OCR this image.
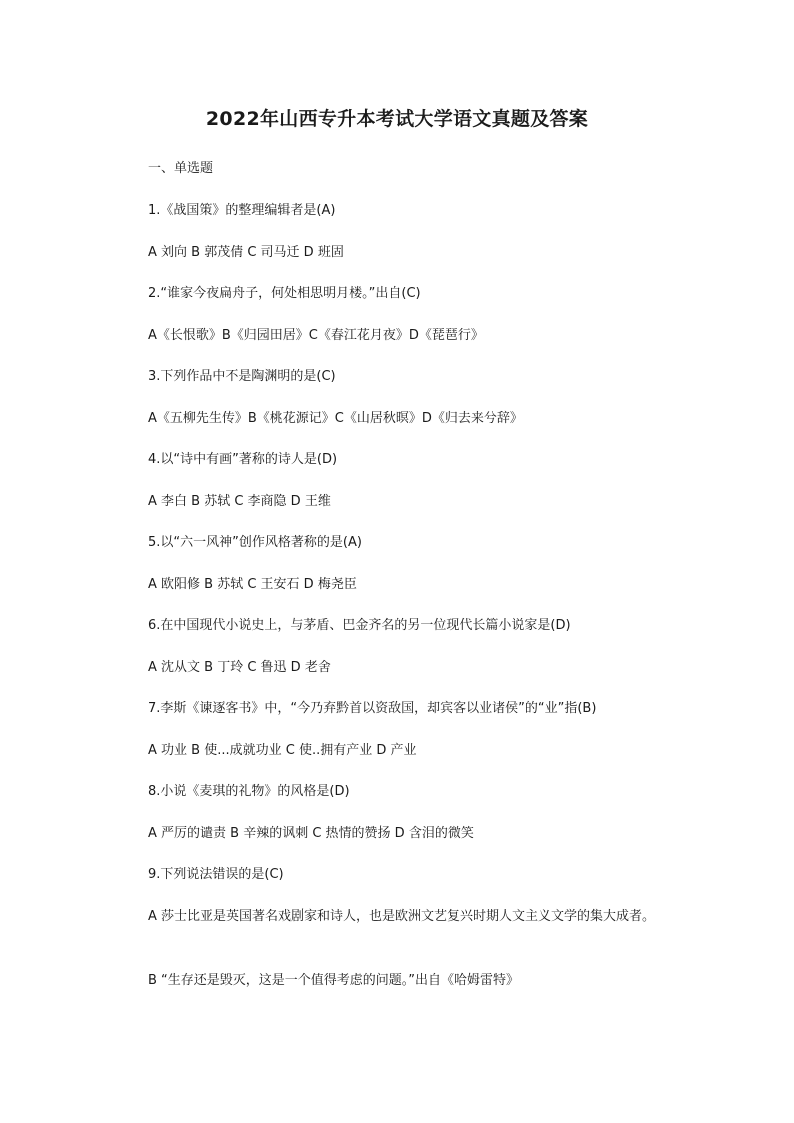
2022年山西专升本考试大学语文真题及答案
一、单选题
1.《战国策》的整理编辑者是(A)
A 刘向 B 郭茂倩 C 司马迁 D 班固
2.“谁家今夜扁舟子，何处相思明月楼。”出自(C)
A《长恨歌》B《归园田居》C《春江花月夜》D《琵琶行》
3.下列作品中不是陶渊明的是(C)
A《五柳先生传》B《桃花源记》C《山居秋暝》D《归去来兮辞》
4.以“诗中有画”著称的诗人是(D)
A 李白 B 苏轼 C 李商隐 D 王维
5.以“六一风神”创作风格著称的是(A)
A 欧阳修 B 苏轼 C 王安石 D 梅尧臣
6.在中国现代小说史上，与茅盾、巴金齐名的另一位现代长篇小说家是(D)
A 沈从文 B 丁玲 C 鲁迅 D 老舍
7.李斯《谏逐客书》中，“今乃弃黔首以资敌国，却宾客以业诸侯”的“业”指(B)
A 功业 B 使...成就功业 C 使..拥有产业 D 产业
8.小说《麦琪的礼物》的风格是(D)
A 严厉的谴责 B 辛辣的讽刺 C 热情的赞扬 D 含泪的微笑
9.下列说法错误的是(C)
A 莎士比亚是英国著名戏剧家和诗人，也是欧洲文艺复兴时期人文主义文学的集大成者。
B “生存还是毁灭，这是一个值得考虑的问题。”出自《哈姆雷特》
